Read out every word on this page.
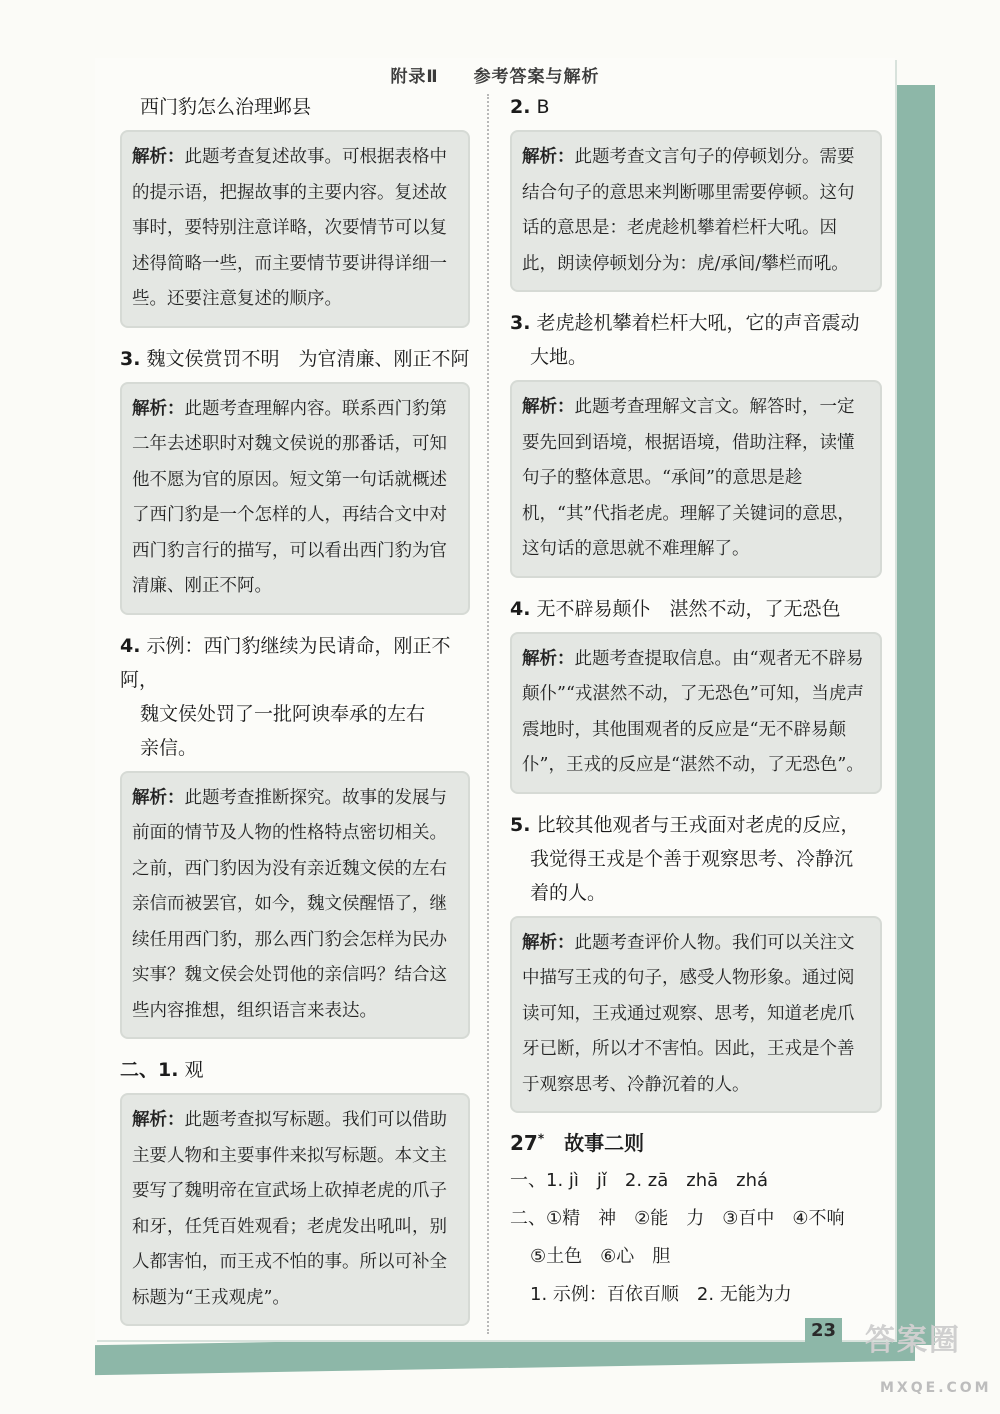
附录Ⅱ 参考答案与解析
西门豹怎么治理邺县
解析：此题考查复述故事。可根据表格中的提示语，把握故事的主要内容。复述故事时，要特别注意详略，次要情节可以复述得简略一些，而主要情节要讲得详细一些。还要注意复述的顺序。
3. 魏文侯赏罚不明　为官清廉、刚正不阿
解析：此题考查理解内容。联系西门豹第二年去述职时对魏文侯说的那番话，可知他不愿为官的原因。短文第一句话就概述了西门豹是一个怎样的人，再结合文中对西门豹言行的描写，可以看出西门豹为官清廉、刚正不阿。
4. 示例：西门豹继续为民请命，刚正不阿，
魏文侯处罚了一批阿谀奉承的左右
亲信。
解析：此题考查推断探究。故事的发展与前面的情节及人物的性格特点密切相关。之前，西门豹因为没有亲近魏文侯的左右亲信而被罢官，如今，魏文侯醒悟了，继续任用西门豹，那么西门豹会怎样为民办实事？魏文侯会处罚他的亲信吗？结合这些内容推想，组织语言来表达。
二、1. 观
解析：此题考查拟写标题。我们可以借助主要人物和主要事件来拟写标题。本文主要写了魏明帝在宣武场上砍掉老虎的爪子和牙，任凭百姓观看；老虎发出吼叫，别人都害怕，而王戎不怕的事。所以可补全标题为“王戎观虎”。
2. B
解析：此题考查文言句子的停顿划分。需要结合句子的意思来判断哪里需要停顿。这句话的意思是：老虎趁机攀着栏杆大吼。因此，朗读停顿划分为：虎/承间/攀栏而吼。
3. 老虎趁机攀着栏杆大吼，它的声音震动
大地。
解析：此题考查理解文言文。解答时，一定要先回到语境，根据语境，借助注释，读懂句子的整体意思。“承间”的意思是趁机，“其”代指老虎。理解了关键词的意思，这句话的意思就不难理解了。
4. 无不辟易颠仆　湛然不动，了无恐色
解析：此题考查提取信息。由“观者无不辟易颠仆”“戎湛然不动，了无恐色”可知，当虎声震地时，其他围观者的反应是“无不辟易颠仆”，王戎的反应是“湛然不动，了无恐色”。
5. 比较其他观者与王戎面对老虎的反应，
我觉得王戎是个善于观察思考、冷静沉
着的人。
解析：此题考查评价人物。我们可以关注文中描写王戎的句子，感受人物形象。通过阅读可知，王戎通过观察、思考，知道老虎爪牙已断，所以才不害怕。因此，王戎是个善于观察思考、冷静沉着的人。
27*　 故事二则
一、1. jì　jǐ　2. zā　zhā　zhá
二、①精　神　②能　力　③百中　④不响
⑤土色　⑥心　胆
1. 示例：百依百顺　2. 无能为力
23 答案圈
MXQE.COM
